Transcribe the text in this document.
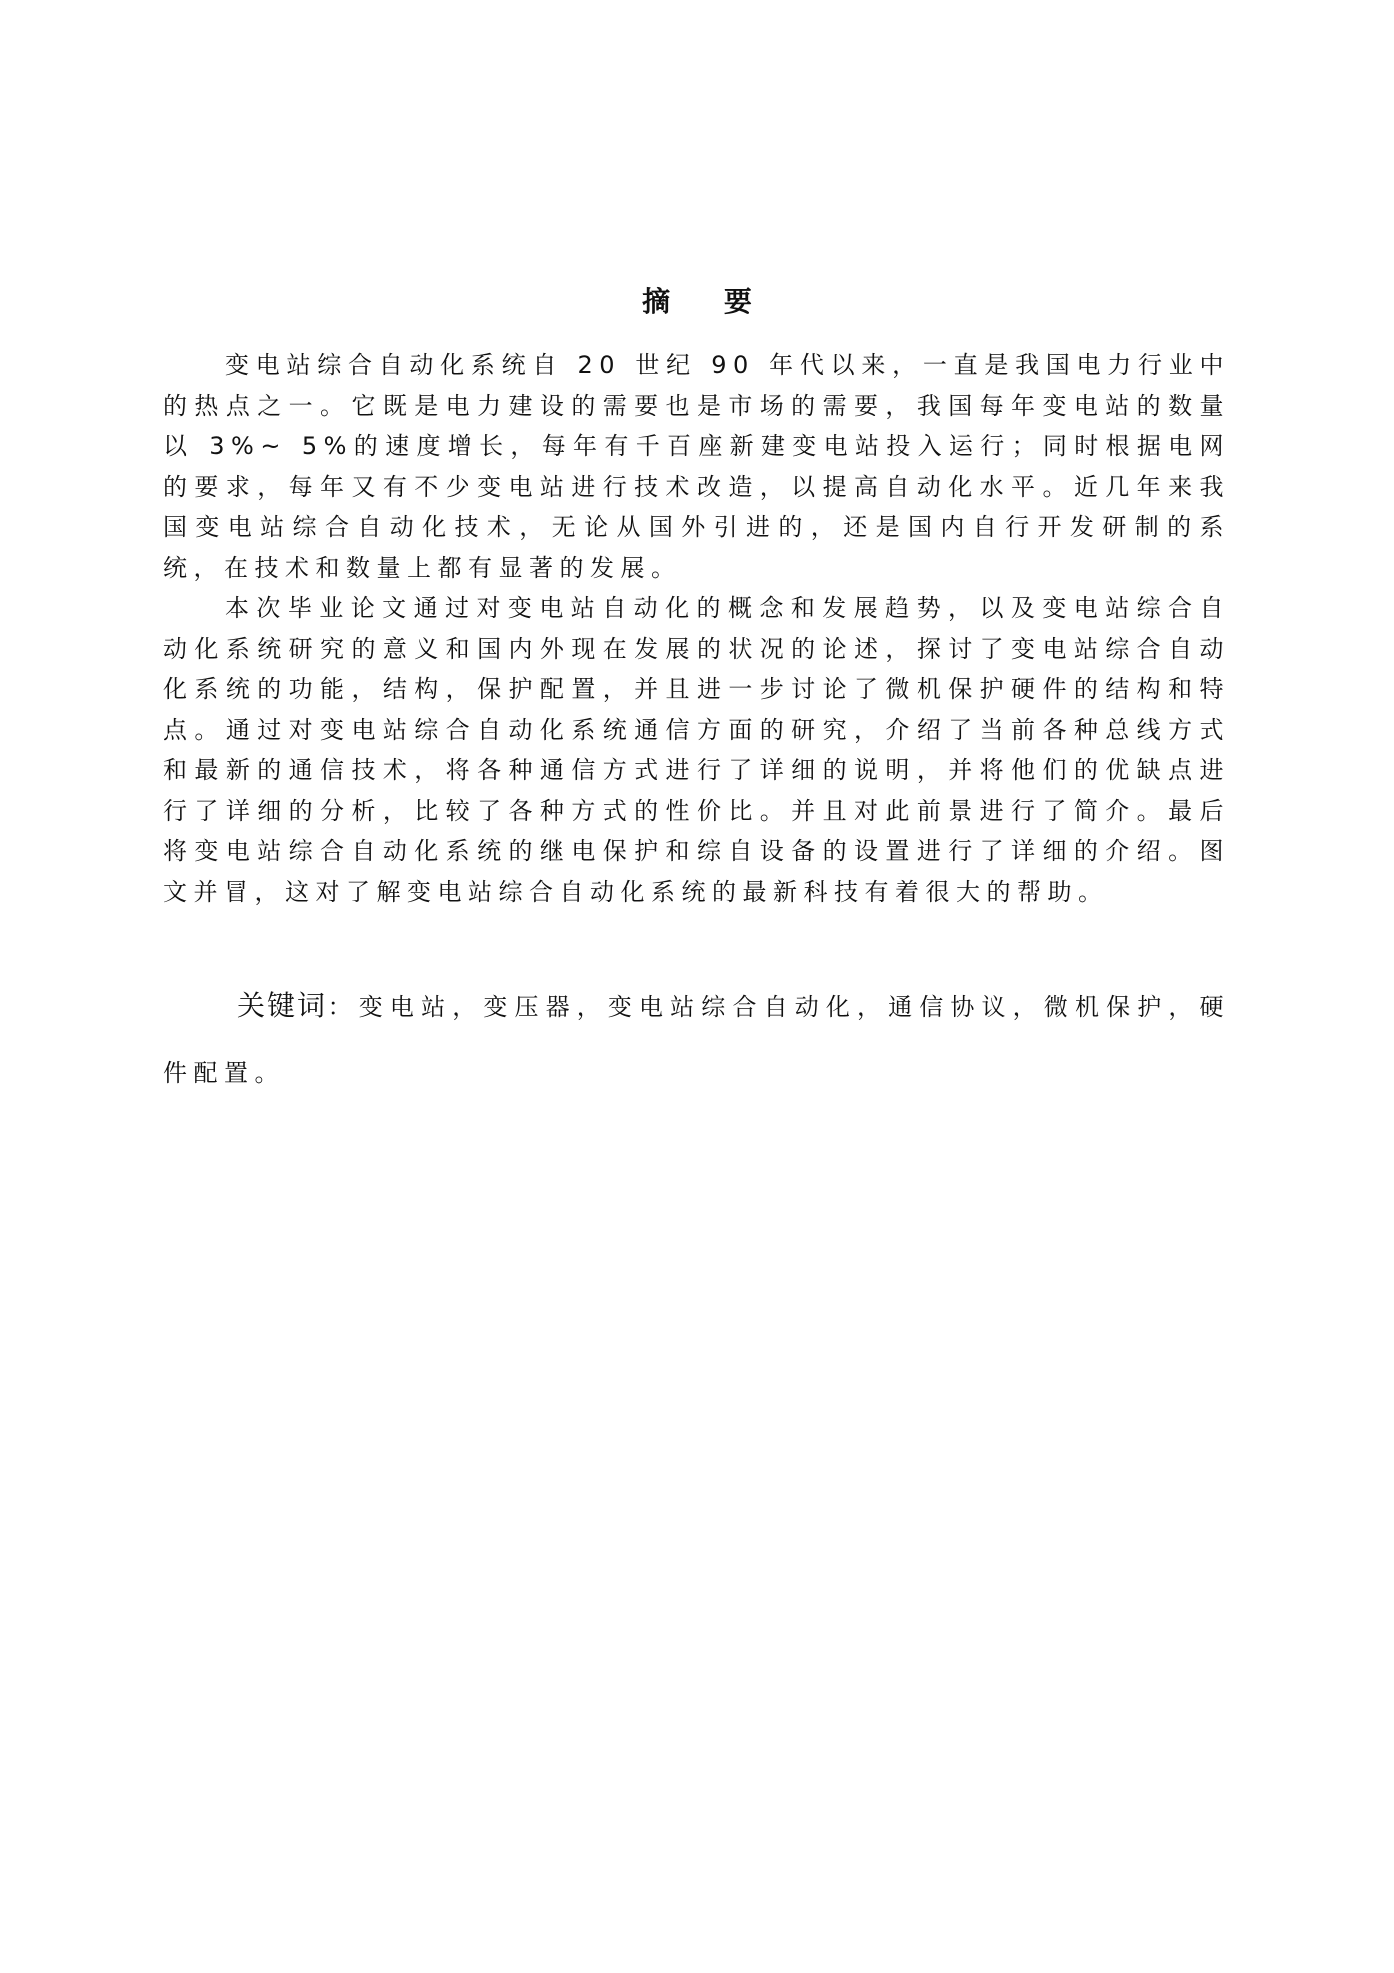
摘 要

变电站综合自动化系统自 20 世纪 90 年代以来，一直是我国电力行业中的热点之一。它既是电力建设的需要也是市场的需要，我国每年变电站的数量以 3%~ 5%的速度增长，每年有千百座新建变电站投入运行；同时根据电网的要求，每年又有不少变电站进行技术改造，以提高自动化水平。近几年来我国变电站综合自动化技术，无论从国外引进的，还是国内自行开发研制的系统，在技术和数量上都有显著的发展。

本次毕业论文通过对变电站自动化的概念和发展趋势，以及变电站综合自动化系统研究的意义和国内外现在发展的状况的论述，探讨了变电站综合自动化系统的功能，结构，保护配置，并且进一步讨论了微机保护硬件的结构和特点。通过对变电站综合自动化系统通信方面的研究，介绍了当前各种总线方式和最新的通信技术，将各种通信方式进行了详细的说明，并将他们的优缺点进行了详细的分析，比较了各种方式的性价比。并且对此前景进行了简介。最后将变电站综合自动化系统的继电保护和综自设备的设置进行了详细的介绍。图文并冒，这对了解变电站综合自动化系统的最新科技有着很大的帮助。

关键词：变电站，变压器，变电站综合自动化，通信协议，微机保护，硬件配置。
